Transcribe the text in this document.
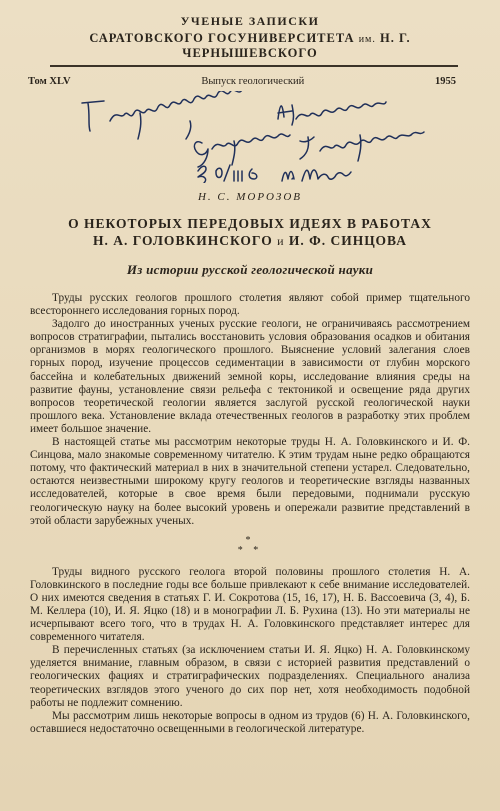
УЧЕНЫЕ ЗАПИСКИ
САРАТОВСКОГО ГОСУНИВЕРСИТЕТА им. Н. Г. ЧЕРНЫШЕВСКОГО
Том XLV	Выпуск геологический	1955
Н. С. МОРОЗОВ
О НЕКОТОРЫХ ПЕРЕДОВЫХ ИДЕЯХ В РАБОТАХ
Н. А. ГОЛОВКИНСКОГО и И. Ф. СИНЦОВА
Из истории русской геологической науки

Труды русских геологов прошлого столетия являют собой пример тщательного всестороннего исследования горных пород.

Задолго до иностранных ученых русские геологи, не ограничиваясь рассмотрением вопросов стратиграфии, пытались восстановить условия образования осадков и обитания организмов в морях геологического прошлого. Выяснение условий залегания слоев горных пород, изучение процессов седиментации в зависимости от глубин морского бассейна и колебательных движений земной коры, исследование влияния среды на развитие фауны, установление связи рельефа с тектоникой и освещение ряда других вопросов теоретической геологии является заслугой русской геологической науки прошлого века. Установление вклада отечественных геологов в разработку этих проблем имеет большое значение.

В настоящей статье мы рассмотрим некоторые труды Н. А. Головкинского и И. Ф. Синцова, мало знакомые современному читателю. К этим трудам ныне редко обращаются потому, что фактический материал в них в значительной степени устарел. Следовательно, остаются неизвестными широкому кругу геологов и теоретические взгляды названных исследователей, которые в свое время были передовыми, поднимали русскую геологическую науку на более высокий уровень и опережали развитие представлений в этой области зарубежных ученых.

*
* *

Труды видного русского геолога второй половины прошлого столетия Н. А. Головкинского в последние годы все больше привлекают к себе внимание исследователей. О них имеются сведения в статьях Г. И. Сокротова (15, 16, 17), Н. Б. Вассоевича (3, 4), Б. М. Келлера (10), И. Я. Яцко (18) и в монографии Л. Б. Рухина (13). Но эти материалы не исчерпывают всего того, что в трудах Н. А. Головкинского представляет интерес для современного читателя.

В перечисленных статьях (за исключением статьи И. Я. Яцко) Н. А. Головкинскому уделяется внимание, главным образом, в связи с историей развития представлений о геологических фациях и стратиграфических подразделениях. Специального анализа теоретических взглядов этого ученого до сих пор нет, хотя необходимость подобной работы не подлежит сомнению.

Мы рассмотрим лишь некоторые вопросы в одном из трудов (6) Н. А. Головкинского, оставшиеся недостаточно освещенными в геологической литературе.
